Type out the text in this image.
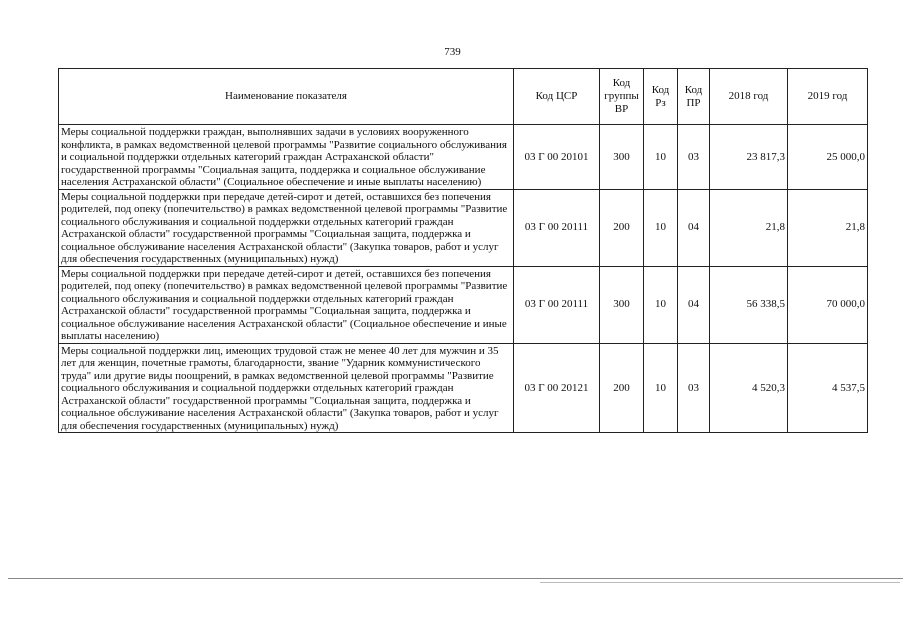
739
Наименование показателя	Код ЦСР	Код группы ВР	Код Рз	Код ПР	2018 год	2019 год
Меры социальной поддержки граждан, выполнявших задачи в условиях вооруженного конфликта, в рамках ведомственной целевой программы "Развитие социального обслуживания и социальной поддержки отдельных категорий граждан Астраханской области" государственной программы "Социальная защита, поддержка и социальное обслуживание населения Астраханской области" (Социальное обеспечение и иные выплаты населению)	03 Г 00 20101	300	10	03	23 817,3	25 000,0
Меры социальной поддержки при передаче детей-сирот и детей, оставшихся без попечения родителей, под опеку (попечительство) в рамках ведомственной целевой программы "Развитие социального обслуживания и социальной поддержки отдельных категорий граждан Астраханской области" государственной программы "Социальная защита, поддержка и социальное обслуживание населения Астраханской области" (Закупка товаров, работ и услуг для обеспечения государственных (муниципальных) нужд)	03 Г 00 20111	200	10	04	21,8	21,8
Меры социальной поддержки при передаче детей-сирот и детей, оставшихся без попечения родителей, под опеку (попечительство) в рамках ведомственной целевой программы "Развитие социального обслуживания и социальной поддержки отдельных категорий граждан Астраханской области" государственной программы "Социальная защита, поддержка и социальное обслуживание населения Астраханской области" (Социальное обеспечение и иные выплаты населению)	03 Г 00 20111	300	10	04	56 338,5	70 000,0
Меры социальной поддержки лиц, имеющих трудовой стаж не менее 40 лет для мужчин и 35 лет для женщин, почетные грамоты, благодарности, звание "Ударник коммунистического труда" или другие виды поощрений, в рамках ведомственной целевой программы "Развитие социального обслуживания и социальной поддержки отдельных категорий граждан Астраханской области" государственной программы "Социальная защита, поддержка и социальное обслуживание населения Астраханской области" (Закупка товаров, работ и услуг для обеспечения государственных (муниципальных) нужд)	03 Г 00 20121	200	10	03	4 520,3	4 537,5
